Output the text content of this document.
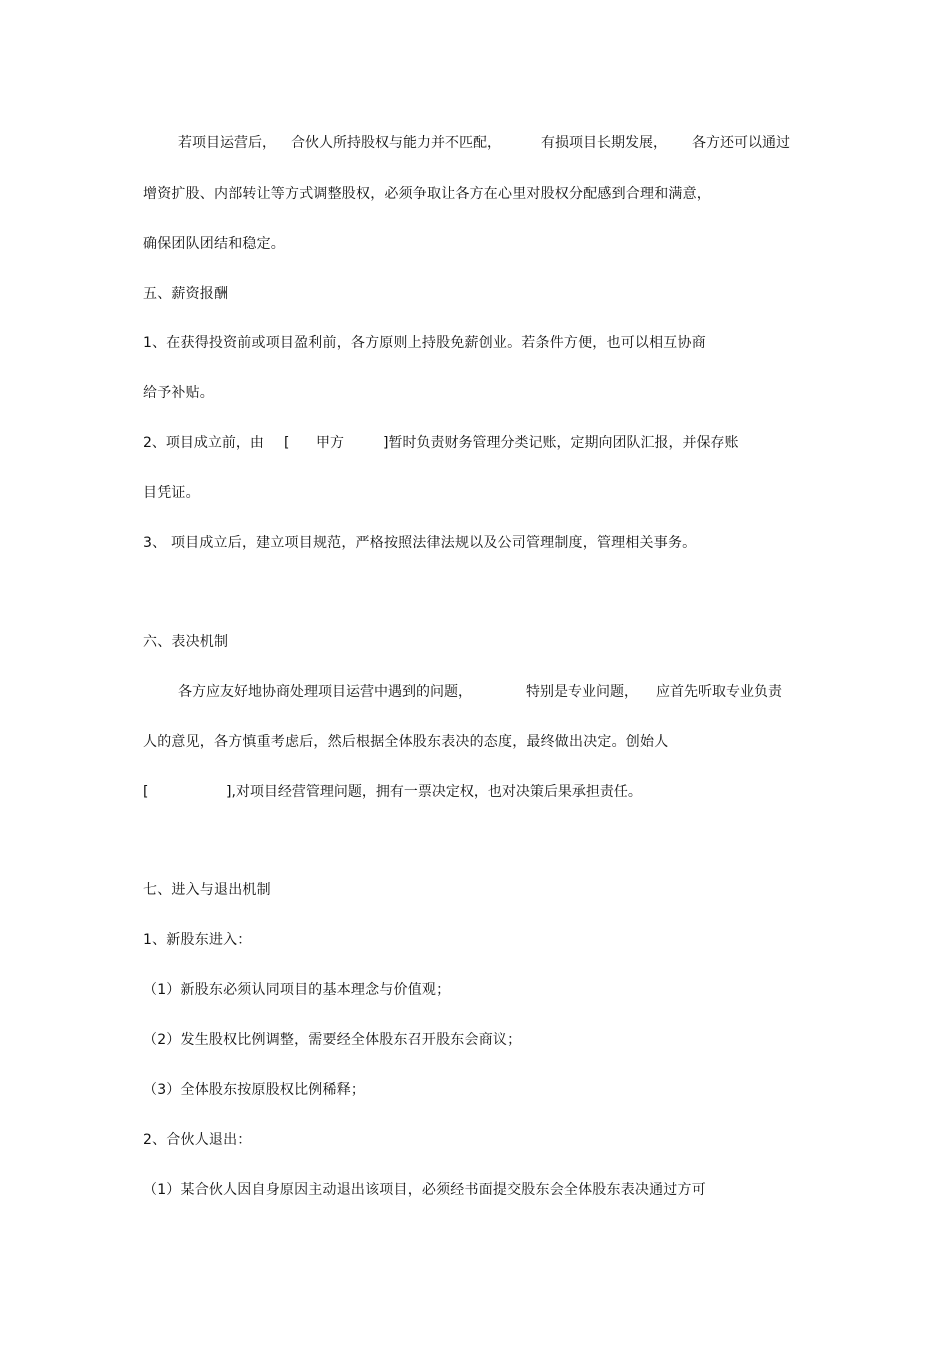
若项目运营后， 合伙人所持股权与能力并不匹配，	有损项目长期发展， 各方还可以通过
增资扩股、内部转让等方式调整股权，必须争取让各方在心里对股权分配感到合理和满意，
确保团队团结和稳定。
五、薪资报酬
1、在获得投资前或项目盈利前，各方原则上持股免薪创业。若条件方便，也可以相互协商
给予补贴。
2、项目成立前，由 [ 甲方	]暂时负责财务管理分类记账，定期向团队汇报，并保存账
目凭证。
3、 项目成立后，建立项目规范，严格按照法律法规以及公司管理制度，管理相关事务。
六、表决机制
各方应友好地协商处理项目运营中遇到的问题，	特别是专业问题， 应首先听取专业负责
人的意见，各方慎重考虑后，然后根据全体股东表决的态度，最终做出决定。创始人
[	],对项目经营管理问题，拥有一票决定权，也对决策后果承担责任。
七、进入与退出机制
1、新股东进入：
（1）新股东必须认同项目的基本理念与价值观；
（2）发生股权比例调整，需要经全体股东召开股东会商议；
（3）全体股东按原股权比例稀释；
2、合伙人退出：
（1）某合伙人因自身原因主动退出该项目，必须经书面提交股东会全体股东表决通过方可
